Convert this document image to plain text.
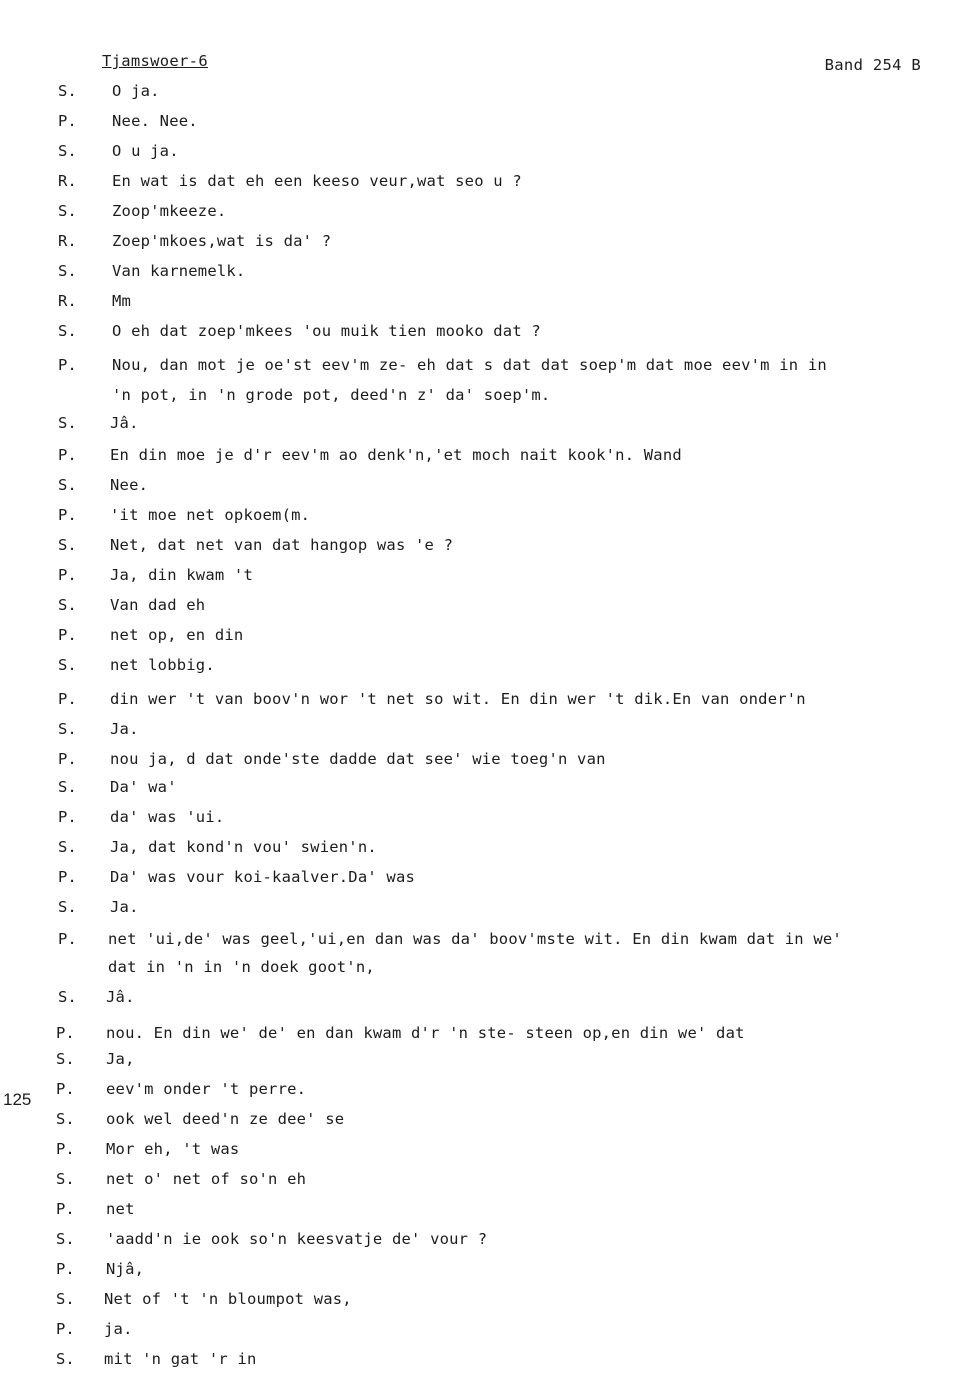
Tjamswoer-6	Band 254 B
125
S. O ja.
P. Nee. Nee.
S. O u ja.
R. En wat is dat eh een keeso veur,wat seo u ?
S. Zoop'mkeeze.
R. Zoep'mkoes,wat is da' ?
S. Van karnemelk.
R. Mm
S. O eh dat zoep'mkees 'ou muik tien mooko dat ?
P. Nou, dan mot je oe'st eev'm ze- eh dat s dat dat soep'm dat moe eev'm in in
'n pot, in 'n grode pot, deed'n z' da' soep'm.
S. Jâ.
P. En din moe je d'r eev'm ao denk'n,'et moch nait kook'n. Wand
S. Nee.
P. 'it moe net opkoem(m.
S. Net, dat net van dat hangop was 'e ?
P. Ja, din kwam 't
S. Van dad eh
P. net op, en din
S. net lobbig.
P. din wer 't van boov'n wor 't net so wit. En din wer 't dik.En van onder'n
S. Ja.
P. nou ja, d dat onde'ste dadde dat see' wie toeg'n van
S. Da' wa'
P. da' was 'ui.
S. Ja, dat kond'n vou' swien'n.
P. Da' was vour koi-kaalver.Da' was
S. Ja.
P. net 'ui,de' was geel,'ui,en dan was da' boov'mste wit. En din kwam dat in we'
dat in 'n in 'n doek goot'n,
S. Jâ.
P. nou. En din we' de' en dan kwam d'r 'n ste- steen op,en din we' dat
S. Ja,
P. eev'm onder 't perre.
S. ook wel deed'n ze dee' se
P. Mor eh, 't was
S. net o' net of so'n eh
P. net
S. 'aadd'n ie ook so'n keesvatje de' vour ?
P. Njâ,
S. Net of 't 'n bloumpot was,
P. ja.
S. mit 'n gat 'r in
